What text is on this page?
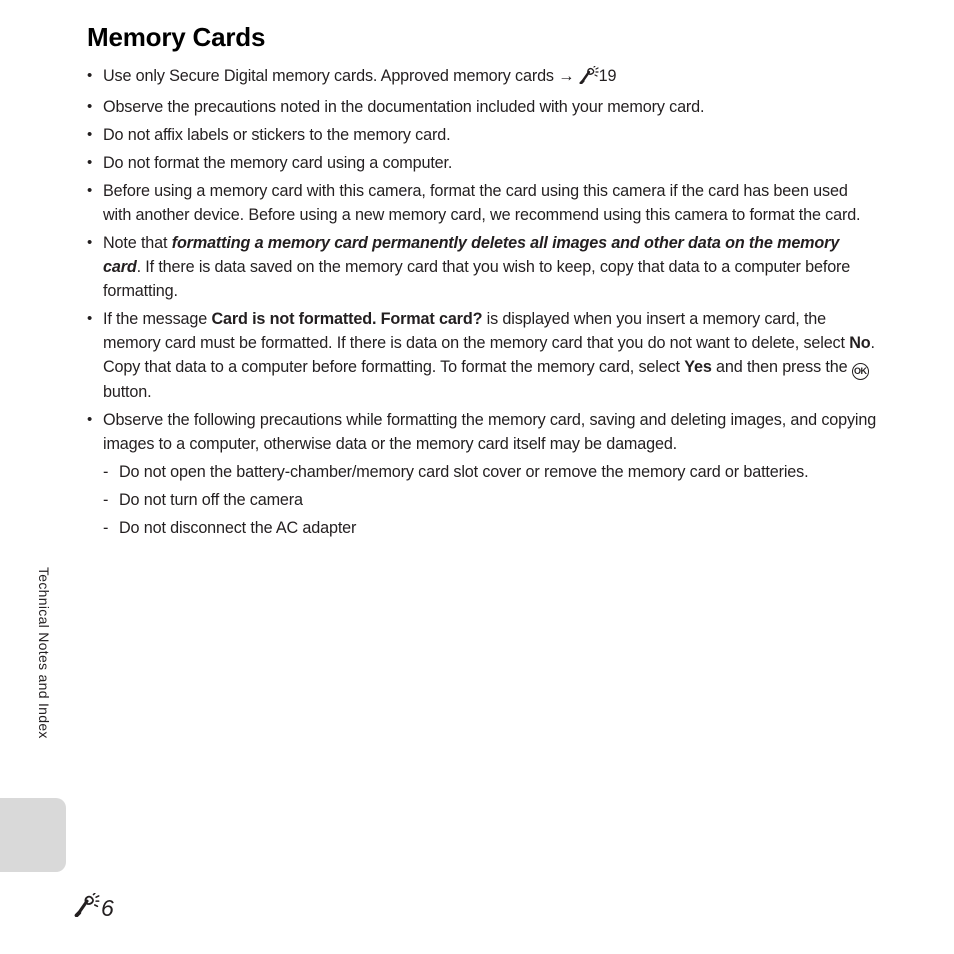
Memory Cards
• Use only Secure Digital memory cards. Approved memory cards → 19
• Observe the precautions noted in the documentation included with your memory card.
• Do not affix labels or stickers to the memory card.
• Do not format the memory card using a computer.
• Before using a memory card with this camera, format the card using this camera if the card has been used with another device. Before using a new memory card, we recommend using this camera to format the card.
• Note that formatting a memory card permanently deletes all images and other data on the memory card. If there is data saved on the memory card that you wish to keep, copy that data to a computer before formatting.
• If the message Card is not formatted. Format card? is displayed when you insert a memory card, the memory card must be formatted. If there is data on the memory card that you do not want to delete, select No. Copy that data to a computer before formatting. To format the memory card, select Yes and then press the OK button.
• Observe the following precautions while formatting the memory card, saving and deleting images, and copying images to a computer, otherwise data or the memory card itself may be damaged.
- Do not open the battery-chamber/memory card slot cover or remove the memory card or batteries.
- Do not turn off the camera
- Do not disconnect the AC adapter
Technical Notes and Index
6
